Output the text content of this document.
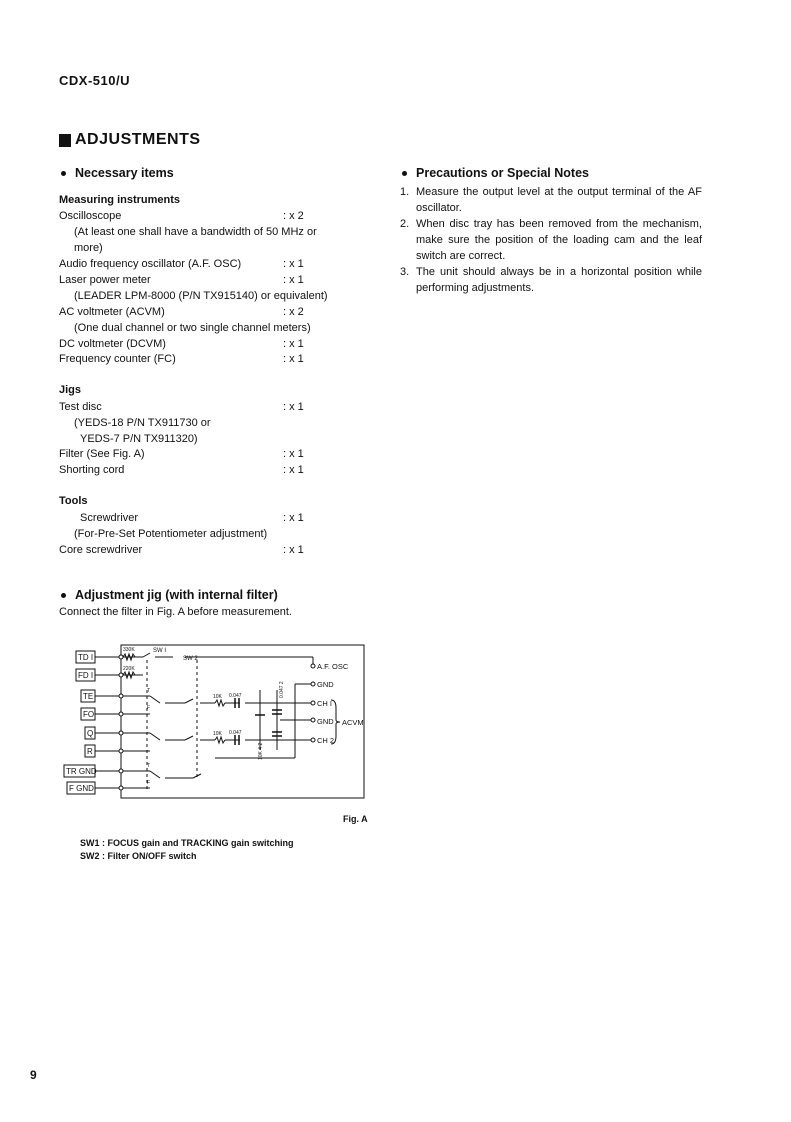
CDX-510/U
ADJUSTMENTS
Necessary items
Measuring instruments
Oscilloscope	: x 2
(At least one shall have a bandwidth of 50 MHz or
more)
Audio frequency oscillator (A.F. OSC)	: x 1
Laser power meter	: x 1
(LEADER LPM-8000 (P/N TX915140) or equivalent)
AC voltmeter (ACVM)	: x 2
(One dual channel or two single channel meters)
DC voltmeter (DCVM)	: x 1
Frequency counter (FC)	: x 1
Jigs
Test disc	: x 1
(YEDS-18 P/N TX911730 or
YEDS-7 P/N TX911320)
Filter (See Fig. A)	: x 1
Shorting cord	: x 1
Tools
Screwdriver	: x 1
(For-Pre-Set Potentiometer adjustment)
Core screwdriver	: x 1
Adjustment jig (with internal filter)
Connect the filter in Fig. A before measurement.
TD I
FD I
TE
FO
Q
R
TR GND
F GND
A.F. OSC
GND
CH I
GND
CH 2
ACVM
SW I
SW 2
330K
220K
10K
10K
0.047
0.047
0.047 2
10K 4 2
T
F
T
F
Fig. A
SW1 : FOCUS gain and TRACKING gain switching
SW2 : Filter ON/OFF switch
Precautions or Special Notes
1. Measure the output level at the output terminal of the AF oscillator.
2. When disc tray has been removed from the mechanism, make sure the position of the loading cam and the leaf switch are correct.
3. The unit should always be in a horizontal position while performing adjustments.
9
